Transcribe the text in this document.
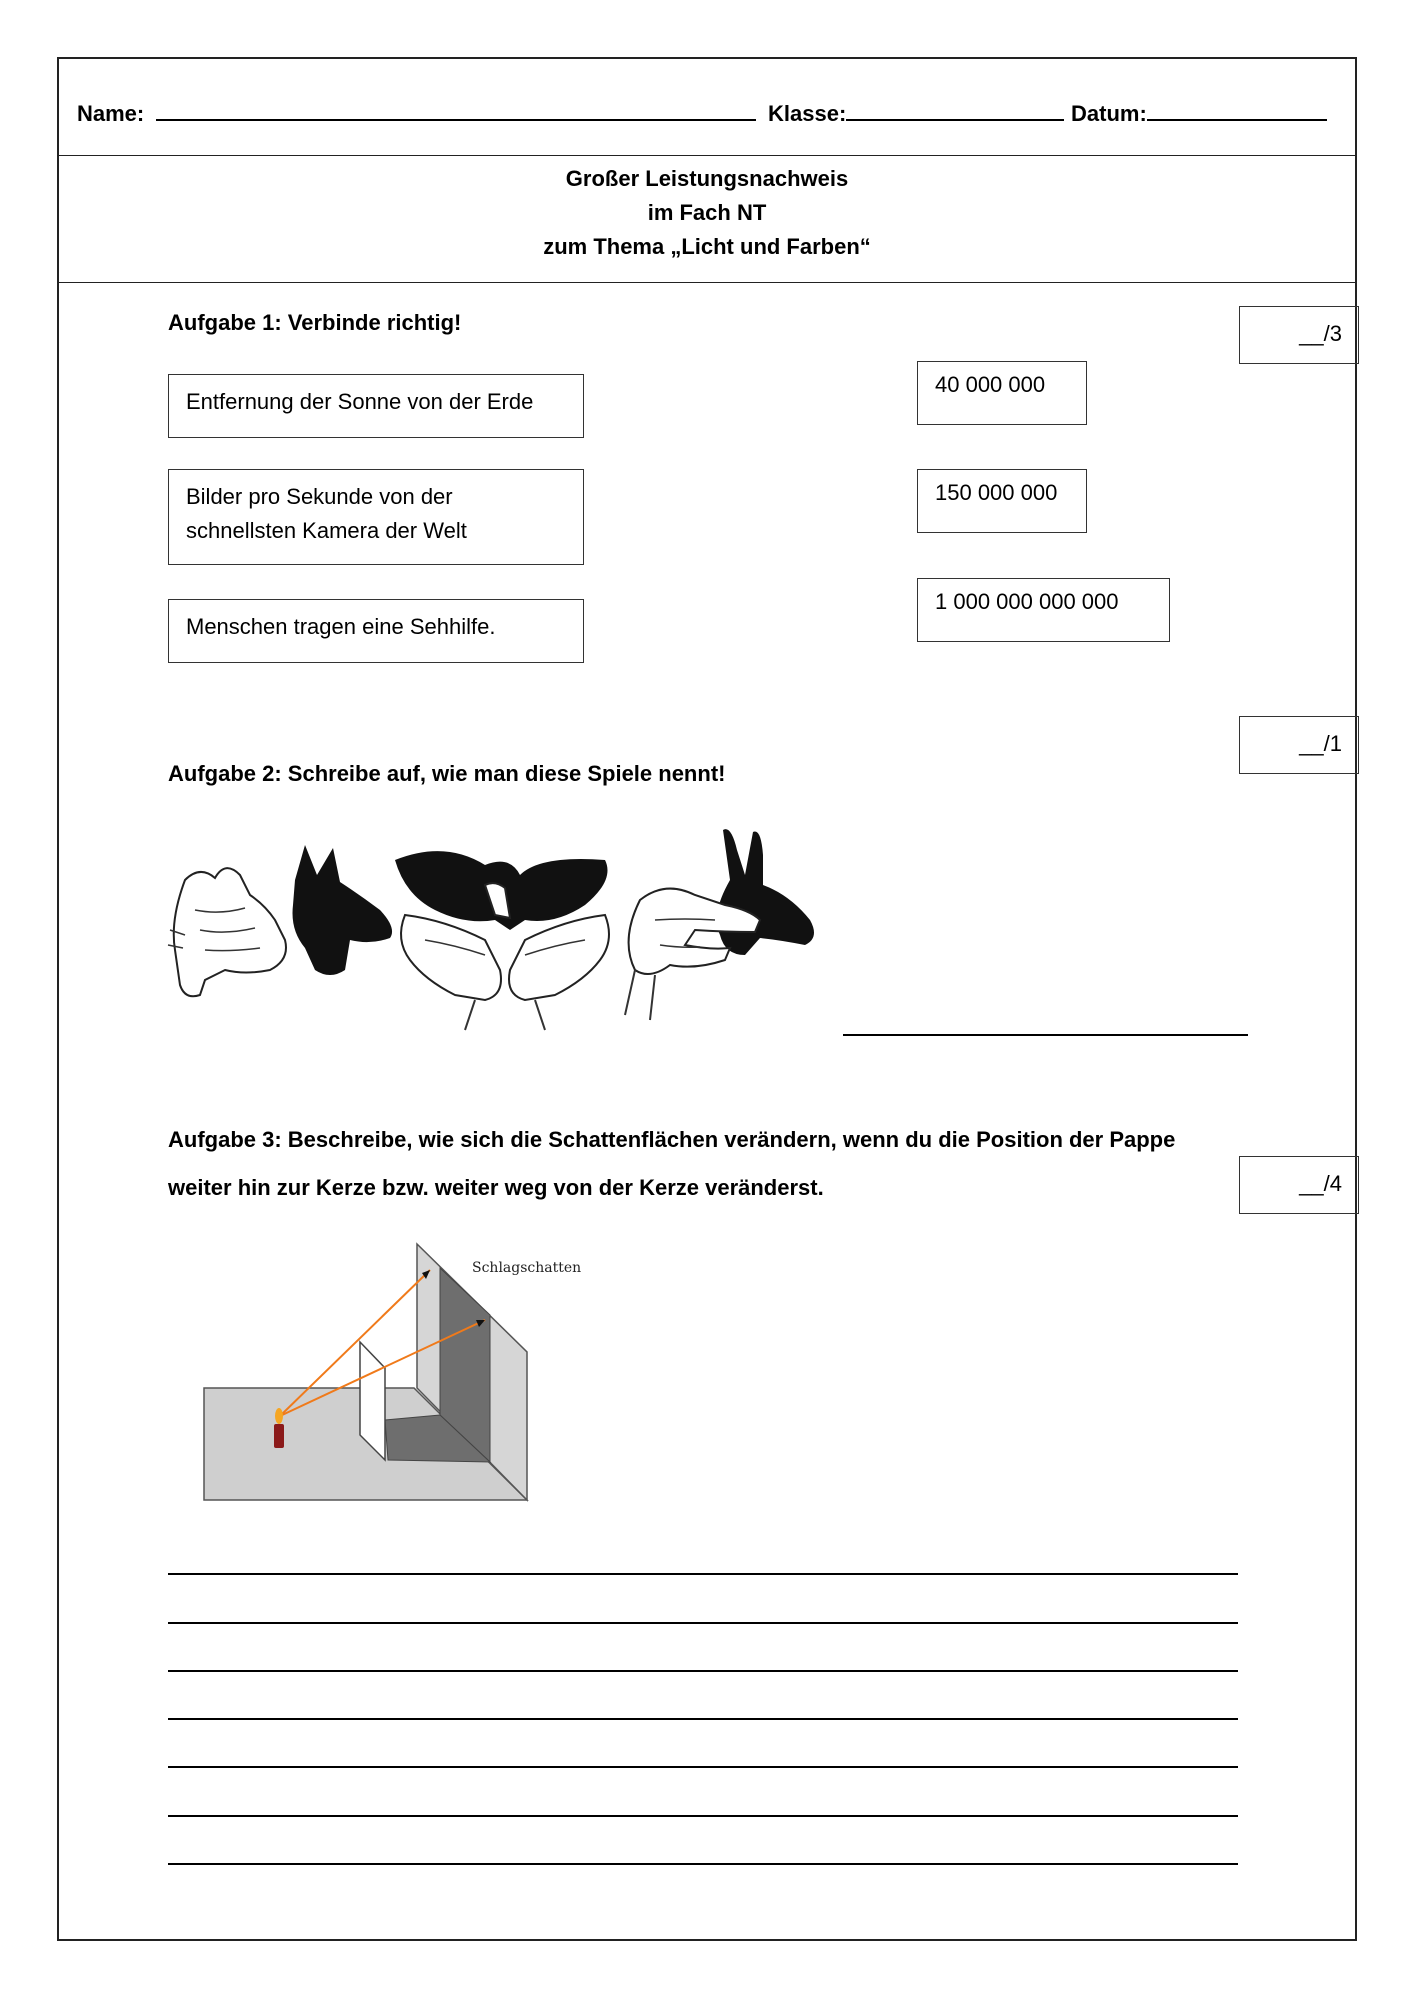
Name:	Klasse:	Datum:
Großer Leistungsnachweis
im Fach NT
zum Thema „Licht und Farben“
Aufgabe 1: Verbinde richtig!	__/3
Entfernung der Sonne von der Erde
Bilder pro Sekunde von der schnellsten Kamera der Welt
Menschen tragen eine Sehhilfe.
40 000 000
150 000 000
1 000 000 000 000
__/1
Aufgabe 2: Schreibe auf, wie man diese Spiele nennt!
Aufgabe 3: Beschreibe, wie sich die Schattenflächen verändern, wenn du die Position der Pappe
weiter hin zur Kerze bzw. weiter weg von der Kerze veränderst.	__/4
Schlagschatten
